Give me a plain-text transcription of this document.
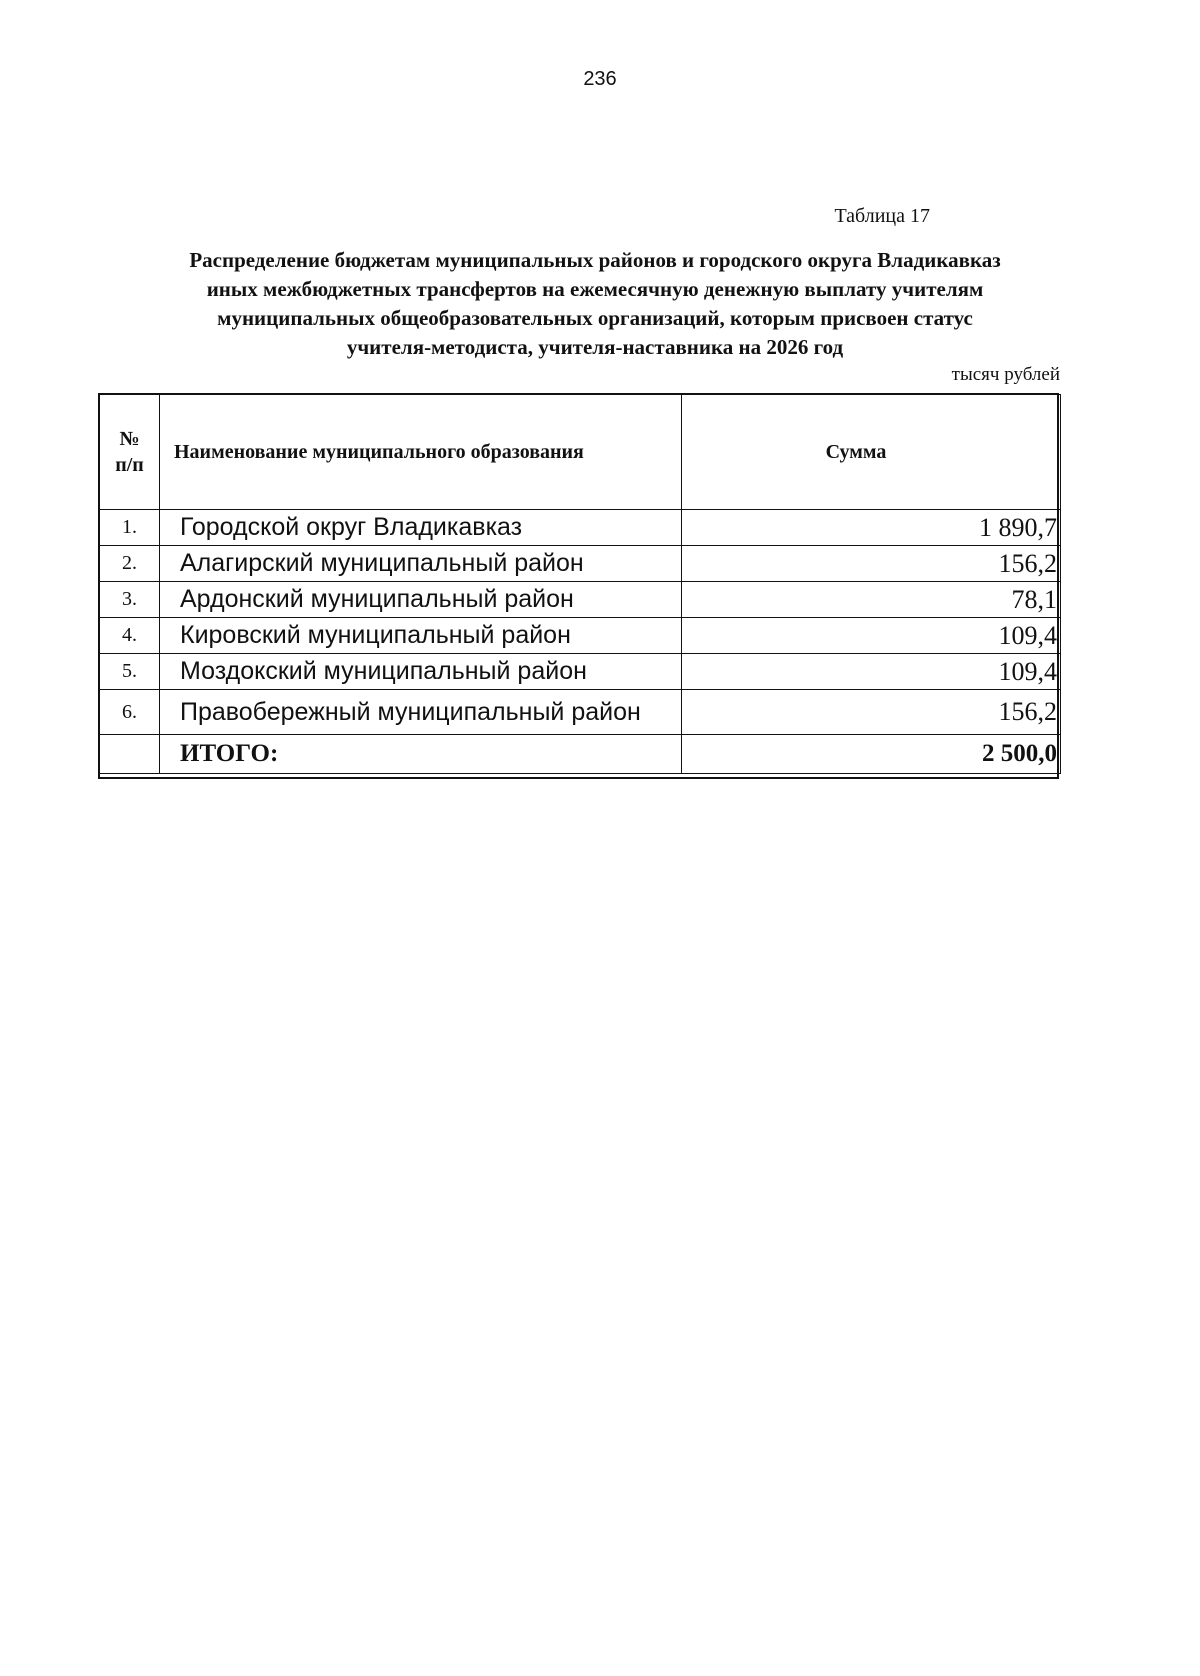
236
Таблица 17
Распределение бюджетам муниципальных районов и городского округа Владикавказ
иных межбюджетных трансфертов на ежемесячную денежную выплату учителям
муниципальных общеобразовательных организаций, которым присвоен статус
учителя-методиста, учителя-наставника на 2026 год
тысяч рублей
№
п/п	Наименование муниципального образования	Сумма
1.	Городской округ Владикавказ	1 890,7
2.	Алагирский муниципальный район	156,2
3.	Ардонский муниципальный район	78,1
4.	Кировский муниципальный район	109,4
5.	Моздокский муниципальный район	109,4
6.	Правобережный муниципальный район	156,2
	ИТОГО:	2 500,0
